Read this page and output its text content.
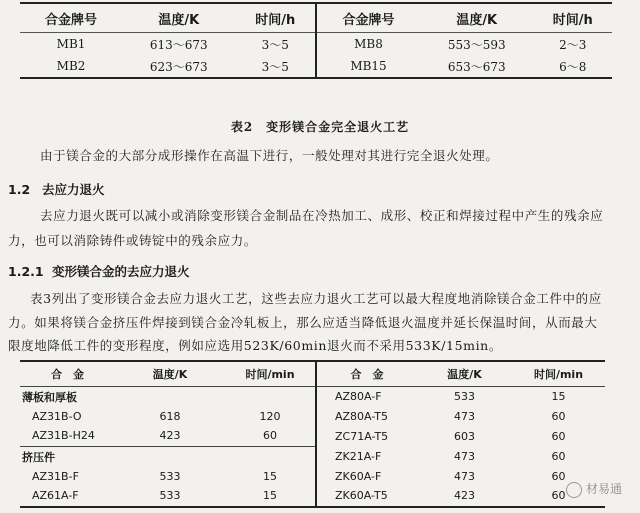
合金牌号	温度/K	时间/h	合金牌号	温度/K	时间/h
MB1	613～673	3～5	MB8	553～593	2～3
MB2	623～673	3～5	MB15	653～673	6～8
表2　变形镁合金完全退火工艺
由于镁合金的大部分成形操作在高温下进行，一般处理对其进行完全退火处理。
1.2 去应力退火
去应力退火既可以减小或消除变形镁合金制品在冷热加工、成形、校正和焊接过程中产生的残余应
力，也可以消除铸件或铸锭中的残余应力。
1.2.1 变形镁合金的去应力退火
表3列出了变形镁合金去应力退火工艺，这些去应力退火工艺可以最大程度地消除镁合金工件中的应
力。如果将镁合金挤压件焊接到镁合金冷轧板上，那么应适当降低退火温度并延长保温时间，从而最大
限度地降低工件的变形程度，例如应选用523K/60min退火而不采用533K/15min。
合　金	温度/K	时间/min	合　金	温度/K	时间/min
薄板和厚板			AZ80A-F	533	15
AZ31B-O	618	120	AZ80A-T5	473	60
AZ31B-H24	423	60	ZC71A-T5	603	60
挤压件			ZK21A-F	473	60
AZ31B-F	533	15	ZK60A-F	473	60
AZ61A-F	533	15	ZK60A-T5	423	60	材易通
